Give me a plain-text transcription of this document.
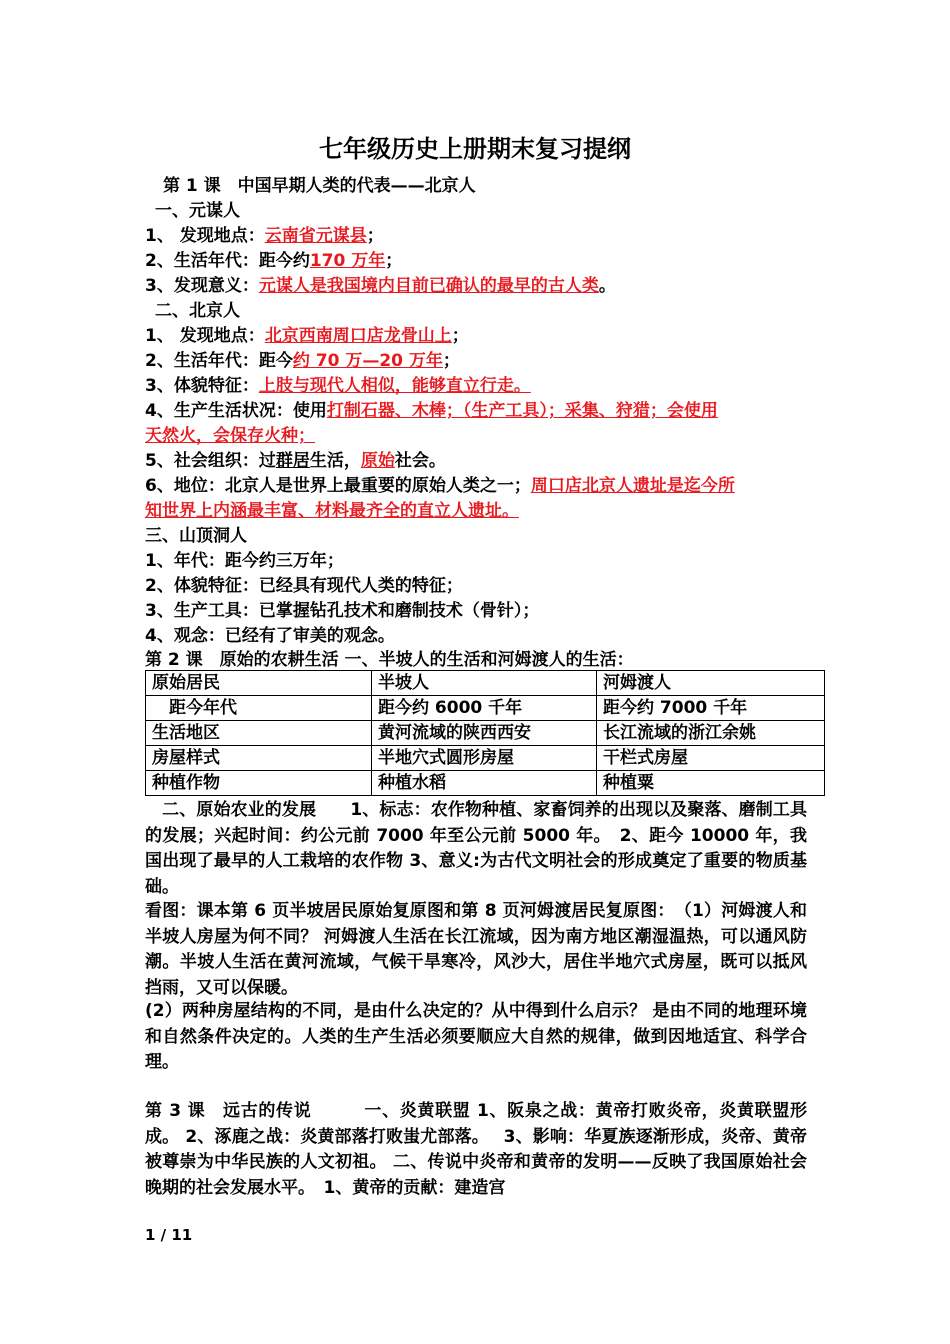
七年级历史上册期末复习提纲
第 1 课　中国早期人类的代表——北京人
一、元谋人
1、 发现地点：云南省元谋县；
2、生活年代：距今约170 万年；
3、发现意义：元谋人是我国境内目前已确认的最早的古人类。
二、北京人
1、 发现地点：北京西南周口店龙骨山上；
2、生活年代：距今约 70 万—20 万年；
3、体貌特征：上肢与现代人相似，能够直立行走。
4、生产生活状况：使用打制石器、木棒；（生产工具）；采集、狩猎；会使用
天然火，会保存火种；
5、社会组织：过群居生活，原始社会。
6、地位：北京人是世界上最重要的原始人类之一；周口店北京人遗址是迄今所
知世界上内涵最丰富、材料最齐全的直立人遗址。
三、山顶洞人
1、年代：距今约三万年；
2、体貌特征：已经具有现代人类的特征；
3、生产工具：已掌握钻孔技术和磨制技术（骨针）；
4、观念：已经有了审美的观念。
第 2 课　原始的农耕生活 一、半坡人的生活和河姆渡人的生活：
原始居民	半坡人	河姆渡人
　距今年代	距今约 6000 千年	距今约 7000 千年
生活地区	黄河流域的陕西西安	长江流域的浙江余姚
房屋样式	半地穴式圆形房屋	干栏式房屋
种植作物	种植水稻	种植粟
　二、原始农业的发展　　1、标志：农作物种植、家畜饲养的出现以及聚落、磨制工具的发展；兴起时间：约公元前 7000 年至公元前 5000 年。　2、距今 10000 年，我国出现了最早的人工栽培的农作物 3、意义:为古代文明社会的形成奠定了重要的物质基础。
看图：课本第 6 页半坡居民原始复原图和第 8 页河姆渡居民复原图：　（1）河姆渡人和半坡人房屋为何不同？ 河姆渡人生活在长江流域，因为南方地区潮湿温热，可以通风防潮。半坡人生活在黄河流域，气候干旱寒冷，风沙大，居住半地穴式房屋，既可以抵风挡雨，又可以保暖。
(2）两种房屋结构的不同，是由什么决定的？从中得到什么启示？ 是由不同的地理环境和自然条件决定的。人类的生产生活必须要顺应大自然的规律，做到因地适宜、科学合理。
第 3 课　远古的传说　　　一、炎黄联盟 1、阪泉之战：黄帝打败炎帝，炎黄联盟形成。 2、涿鹿之战：炎黄部落打败蚩尤部落。　 3、影响：华夏族逐渐形成，炎帝、黄帝被尊崇为中华民族的人文初祖。 二、传说中炎帝和黄帝的发明——反映了我国原始社会晚期的社会发展水平。　1、黄帝的贡献：建造宫
1 / 11
